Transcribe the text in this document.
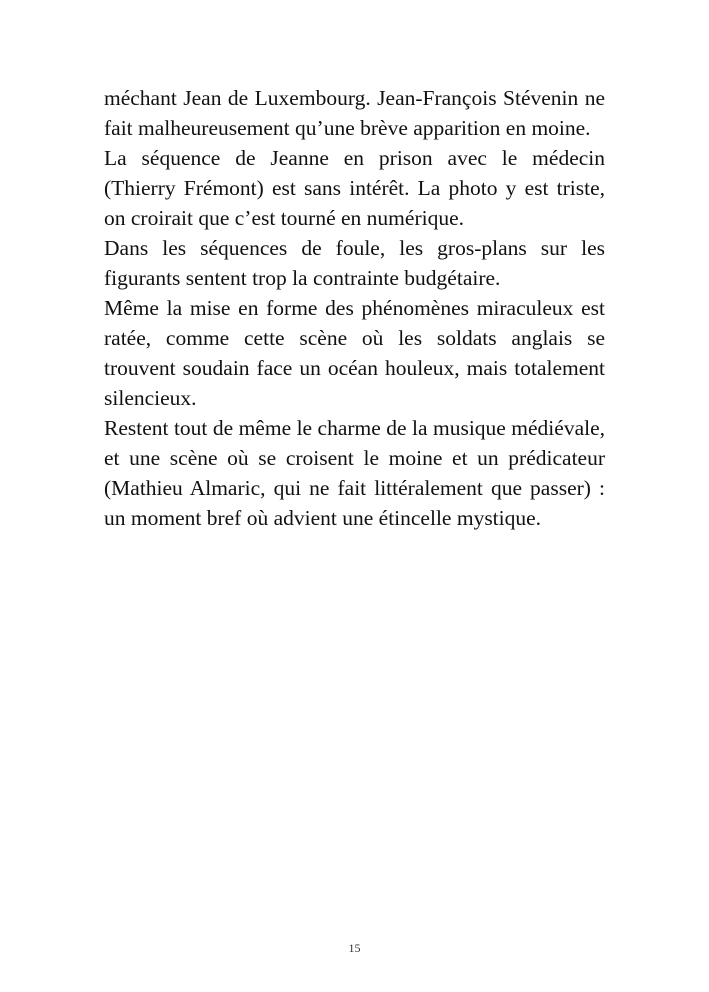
méchant Jean de Luxembourg. Jean-François Stévenin ne fait malheureusement qu’une brève apparition en moine.

La séquence de Jeanne en prison avec le médecin (Thierry Frémont) est sans intérêt. La photo y est triste, on croirait que c’est tourné en numérique.

Dans les séquences de foule, les gros-plans sur les figurants sentent trop la contrainte budgétaire.

Même la mise en forme des phénomènes miraculeux est ratée, comme cette scène où les soldats anglais se trouvent soudain face un océan houleux, mais totalement silencieux.

Restent tout de même le charme de la musique médiévale, et une scène où se croisent le moine et un prédicateur (Mathieu Almaric, qui ne fait littéralement que passer) : un moment bref où advient une étincelle mystique.

15
